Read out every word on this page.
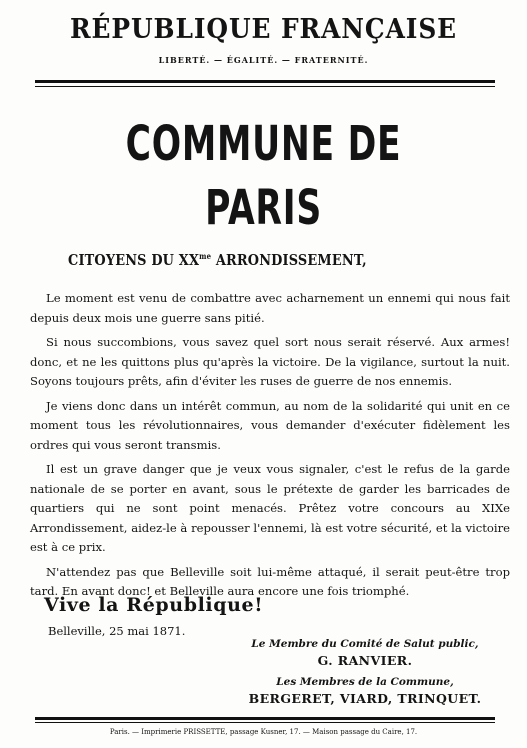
RÉPUBLIQUE FRANÇAISE
LIBERTÉ. — ÉGALITÉ. — FRATERNITÉ.
COMMUNE DE PARIS
CITOYENS DU $XX^{me}$ ARRONDISSEMENT,

Le moment est venu de combattre avec acharnement un ennemi qui nous fait depuis deux mois une guerre sans pitié.

Si nous succombions, vous savez quel sort nous serait réservé. Aux armes! donc, et ne les quittons plus qu'après la victoire. De la vigilance, surtout la nuit. Soyons toujours prêts, afin d'éviter les ruses de guerre de nos ennemis.

Je viens donc dans un intérêt commun, au nom de la solidarité qui unit en ce moment tous les révolutionnaires, vous demander d'exécuter fidèlement les ordres qui vous seront transmis.

Il est un grave danger que je veux vous signaler, c'est le refus de la garde nationale de se porter en avant, sous le prétexte de garder les barricades de quartiers qui ne sont point menacés. Prêtez votre concours au XIXe Arrondissement, aidez-le à repousser l'ennemi, là est votre sécurité, et la victoire est à ce prix.

N'attendez pas que Belleville soit lui-même attaqué, il serait peut-être trop tard. En avant donc! et Belleville aura encore une fois triomphé.

Vive la République!
Belleville, 25 mai 1871.
Le Membre du Comité de Salut public,
G. RANVIER.
Les Membres de la Commune,
BERGERET, VIARD, TRINQUET.
Paris. — Imprimerie PRISSETTE, passage Kusner, 17. — Maison passage du Caire, 17.
